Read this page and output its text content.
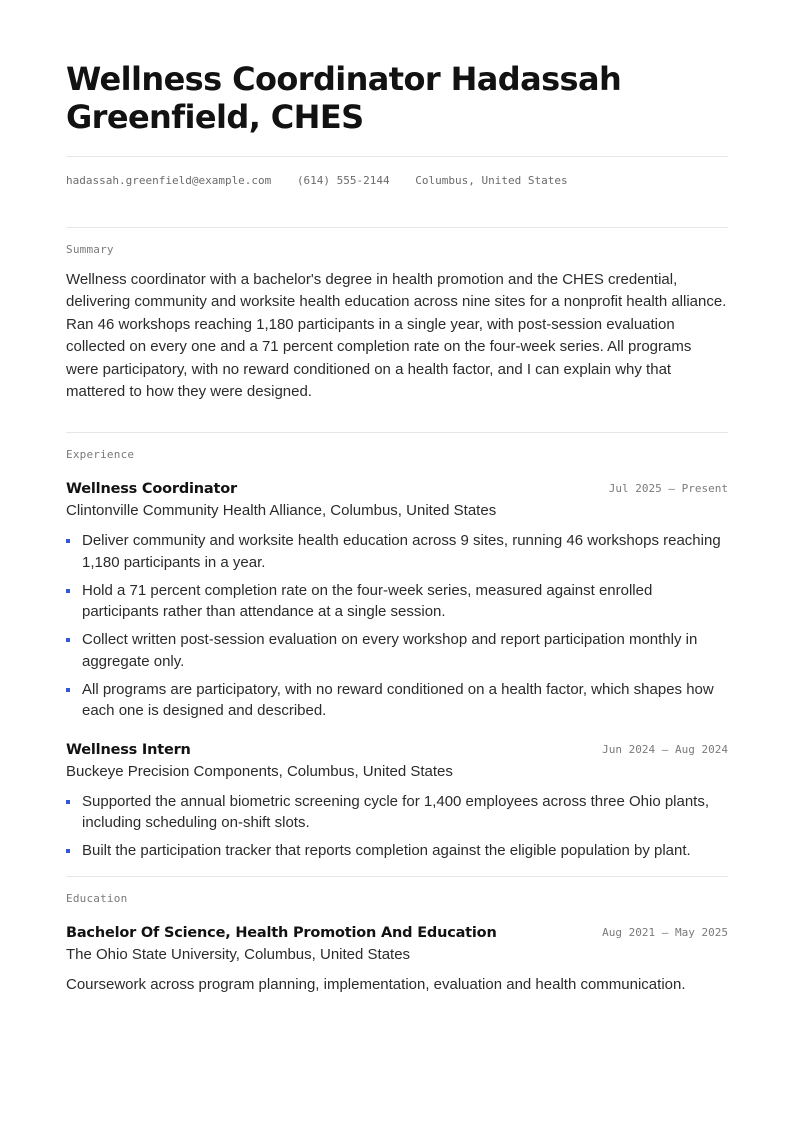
Wellness Coordinator Hadassah Greenfield, CHES
hadassah.greenfield@example.com (614) 555-2144 Columbus, United States
Summary

Wellness coordinator with a bachelor's degree in health promotion and the CHES credential, delivering community and worksite health education across nine sites for a nonprofit health alliance. Ran 46 workshops reaching 1,180 participants in a single year, with post-session evaluation collected on every one and a 71 percent completion rate on the four-week series. All programs were participatory, with no reward conditioned on a health factor, and I can explain why that mattered to how they were designed.

Experience
Wellness Coordinator	Jul 2025 — Present
Clintonville Community Health Alliance, Columbus, United States
Deliver community and worksite health education across 9 sites, running 46 workshops reaching 1,180 participants in a year.
Hold a 71 percent completion rate on the four-week series, measured against enrolled participants rather than attendance at a single session.
Collect written post-session evaluation on every workshop and report participation monthly in aggregate only.
All programs are participatory, with no reward conditioned on a health factor, which shapes how each one is designed and described.
Wellness Intern	Jun 2024 — Aug 2024
Buckeye Precision Components, Columbus, United States
Supported the annual biometric screening cycle for 1,400 employees across three Ohio plants, including scheduling on-shift slots.
Built the participation tracker that reports completion against the eligible population by plant.
Education
Bachelor Of Science, Health Promotion And Education	Aug 2021 — May 2025
The Ohio State University, Columbus, United States
Coursework across program planning, implementation, evaluation and health communication.
